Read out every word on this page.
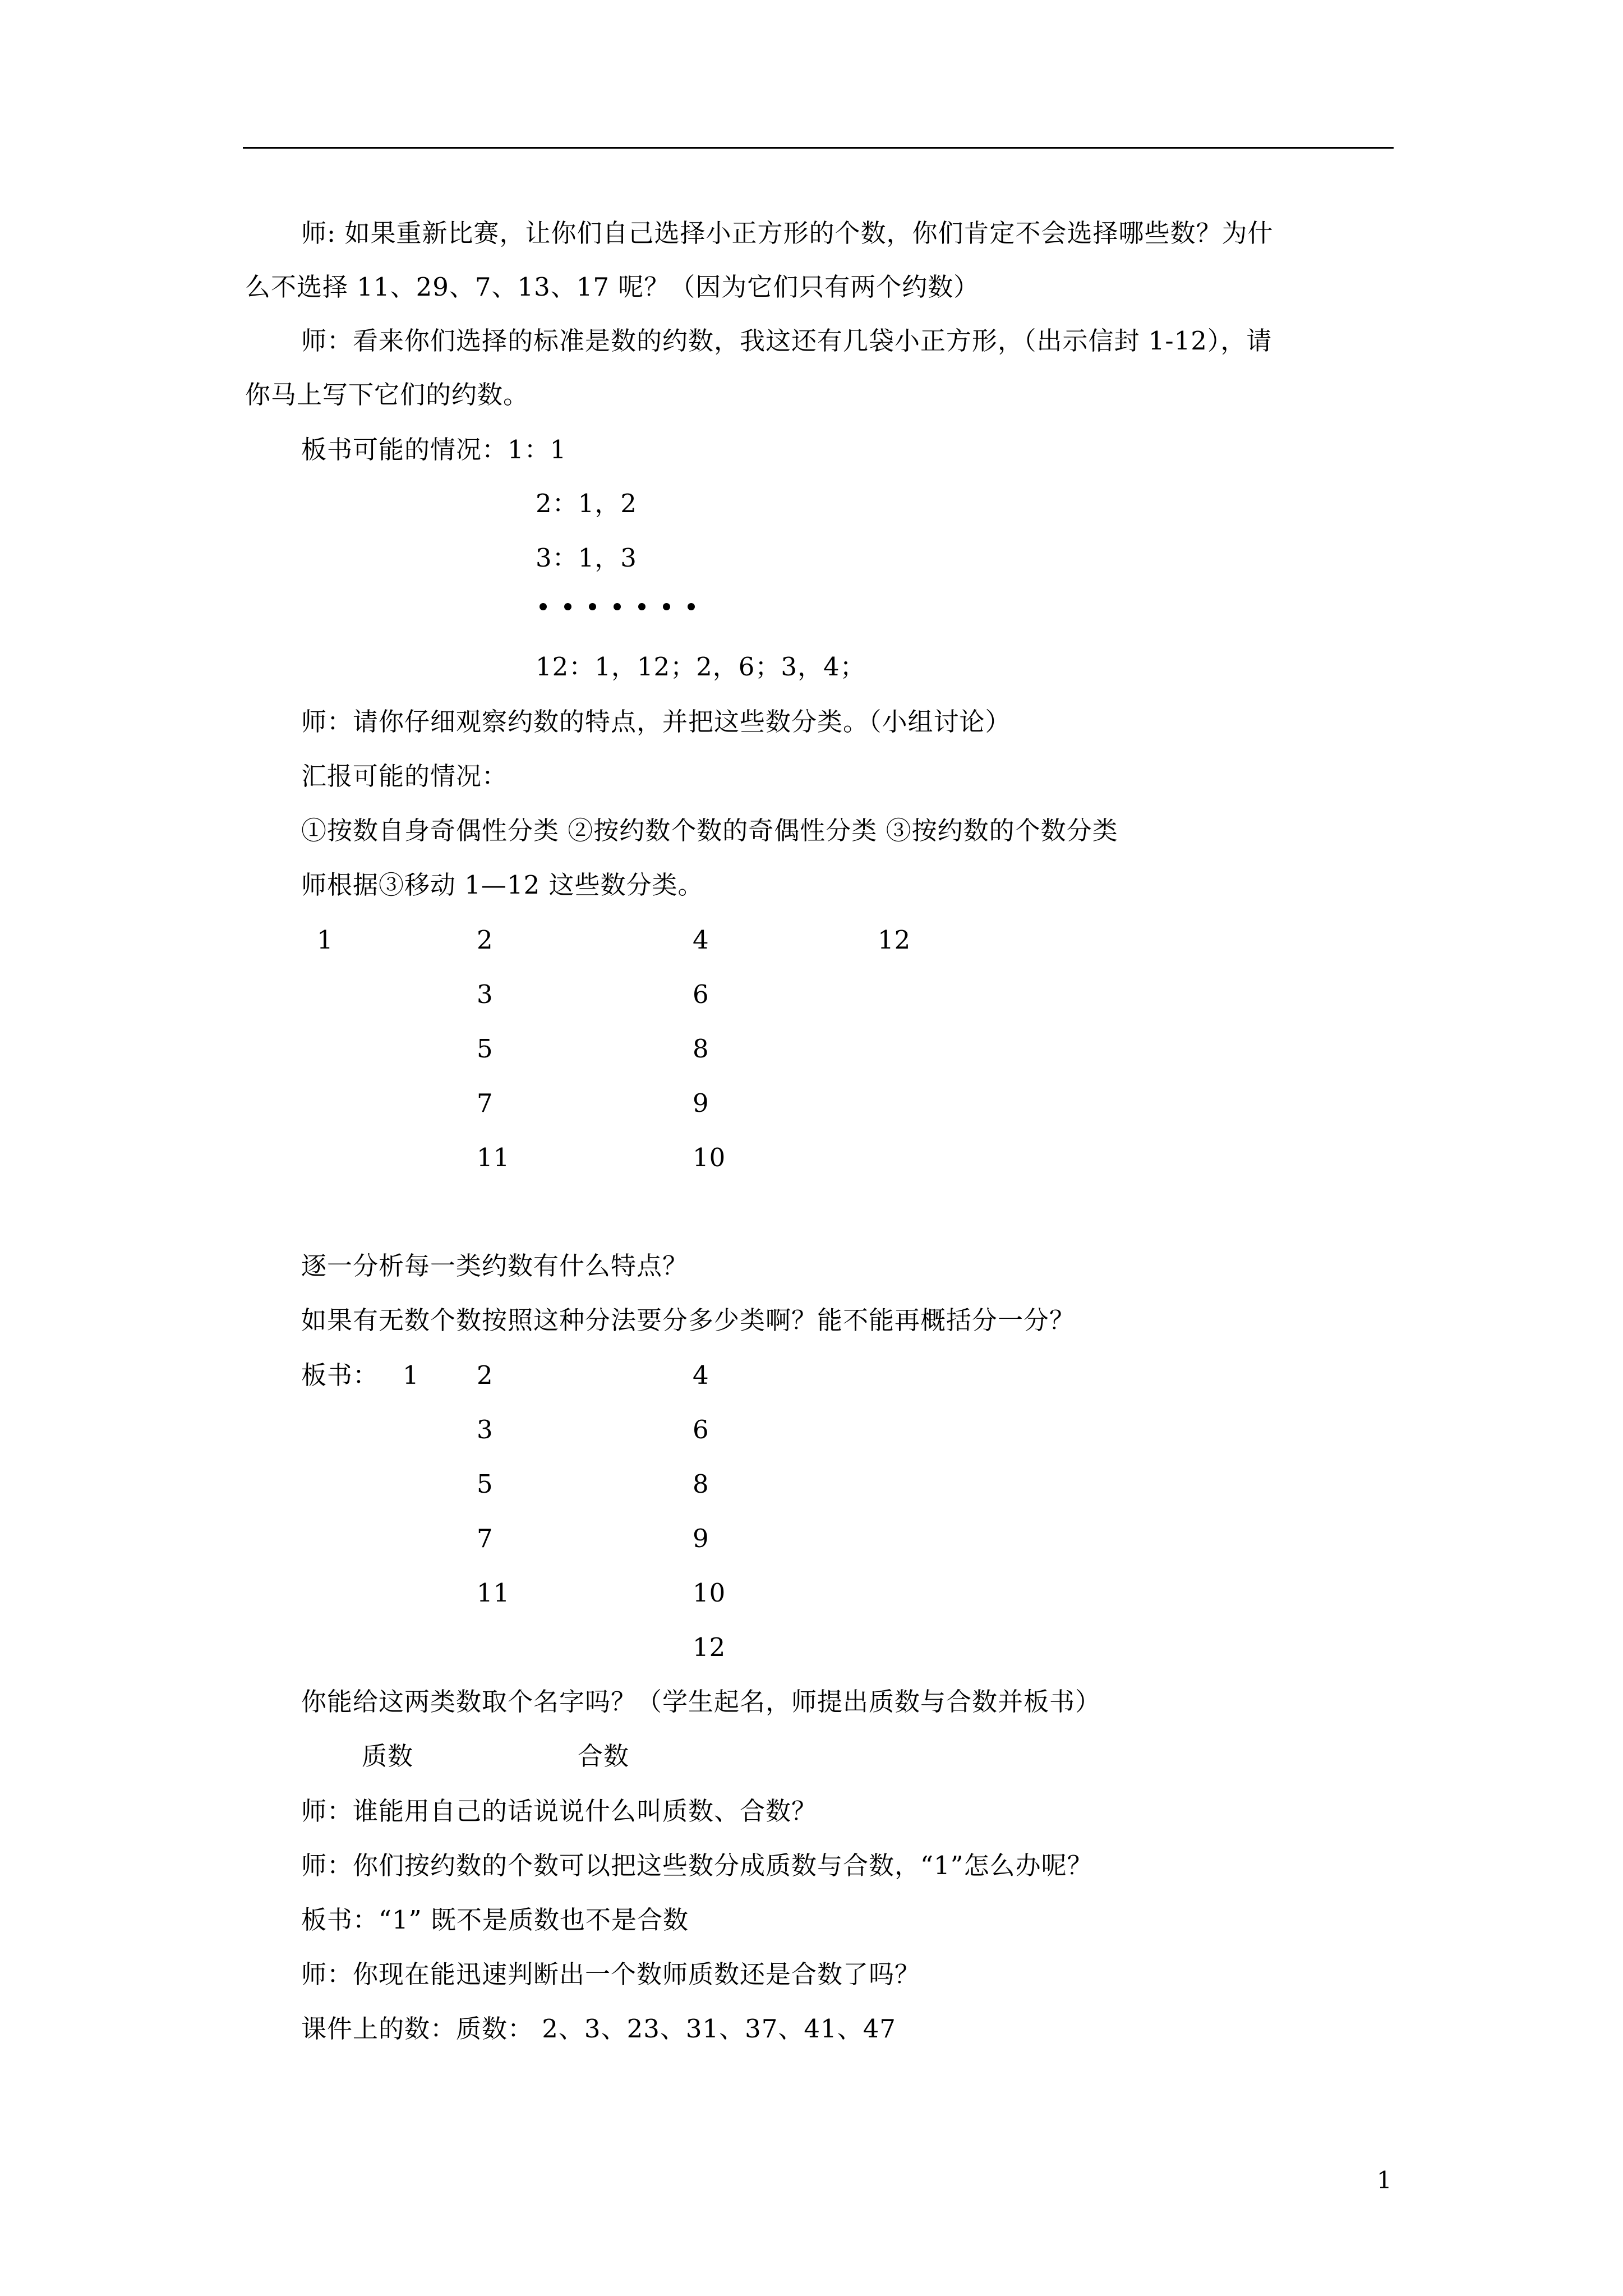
师: 如果重新比赛，让你们自己选择小正方形的个数，你们肯定不会选择哪些数？为什
么不选择 11、29、7、13、17 呢？（因为它们只有两个约数）
师：看来你们选择的标准是数的约数，我这还有几袋小正方形，（出示信封 1-12），请
你马上写下它们的约数。
板书可能的情况：1：1
2：1，2
3：1，3
12：1，12；2，6；3，4；
师：请你仔细观察约数的特点，并把这些数分类。（小组讨论）
汇报可能的情况：
①按数自身奇偶性分类 ②按约数个数的奇偶性分类 ③按约数的个数分类
师根据③移动 1—12 这些数分类。
1	2
3
5
7
11
4
6
8
9
10
12
逐一分析每一类约数有什么特点？
如果有无数个数按照这种分法要分多少类啊？能不能再概括分一分？
板书： 1 2
3
5
7
11
4
6
8
9
10
12
你能给这两类数取个名字吗？（学生起名，师提出质数与合数并板书）
质数	合数
师：谁能用自己的话说说什么叫质数、合数？
师：你们按约数的个数可以把这些数分成质数与合数，“1”怎么办呢？
板书：“1” 既不是质数也不是合数
师：你现在能迅速判断出一个数师质数还是合数了吗？
课件上的数：质数： 2、3、23、31、37、41、47
1
